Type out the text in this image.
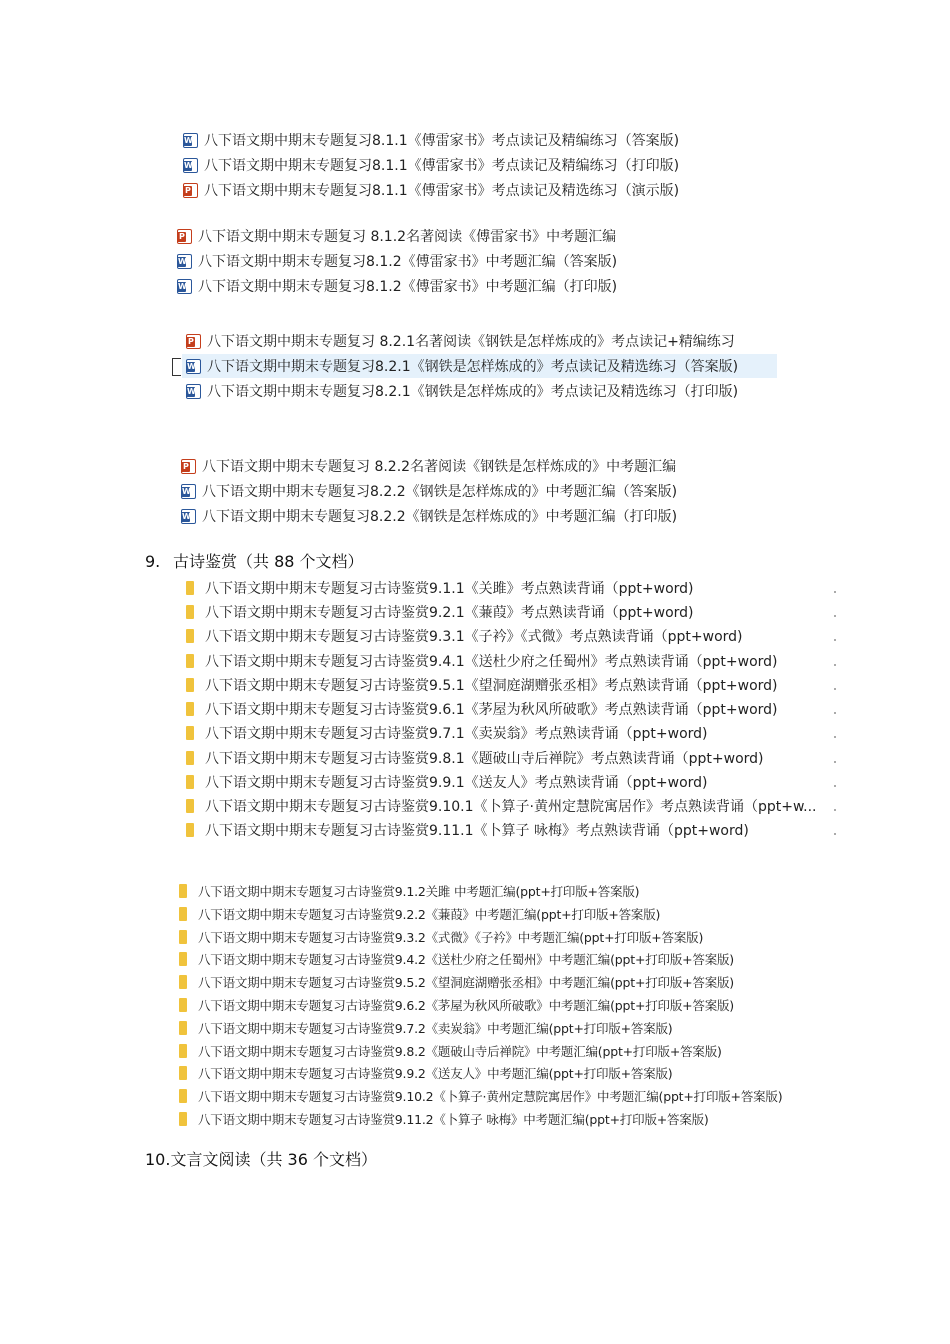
W
八下语文期中期末专题复习8.1.1《傅雷家书》考点读记及精编练习（答案版)
W
八下语文期中期末专题复习8.1.1《傅雷家书》考点读记及精编练习（打印版)
P
八下语文期中期末专题复习8.1.1《傅雷家书》考点读记及精选练习（演示版)
P
八下语文期中期末专题复习 8.1.2名著阅读《傅雷家书》中考题汇编
W
八下语文期中期末专题复习8.1.2《傅雷家书》中考题汇编（答案版)
W
八下语文期中期末专题复习8.1.2《傅雷家书》中考题汇编（打印版)
P
八下语文期中期末专题复习 8.2.1名著阅读《钢铁是怎样炼成的》考点读记+精编练习
W
八下语文期中期末专题复习8.2.1《钢铁是怎样炼成的》考点读记及精选练习（答案版)
W
八下语文期中期末专题复习8.2.1《钢铁是怎样炼成的》考点读记及精选练习（打印版)
P
八下语文期中期末专题复习 8.2.2名著阅读《钢铁是怎样炼成的》中考题汇编
W
八下语文期中期末专题复习8.2.2《钢铁是怎样炼成的》中考题汇编（答案版)
W
八下语文期中期末专题复习8.2.2《钢铁是怎样炼成的》中考题汇编（打印版)
9. 古诗鉴赏（共 88 个文档）
八下语文期中期末专题复习古诗鉴赏9.1.1《关雎》考点熟读背诵（ppt+word)
八下语文期中期末专题复习古诗鉴赏9.2.1《蒹葭》考点熟读背诵（ppt+word)
八下语文期中期末专题复习古诗鉴赏9.3.1《子衿》《式微》考点熟读背诵（ppt+word)
八下语文期中期末专题复习古诗鉴赏9.4.1《送杜少府之任蜀州》考点熟读背诵（ppt+word)
八下语文期中期末专题复习古诗鉴赏9.5.1《望洞庭湖赠张丞相》考点熟读背诵（ppt+word)
八下语文期中期末专题复习古诗鉴赏9.6.1《茅屋为秋风所破歌》考点熟读背诵（ppt+word)
八下语文期中期末专题复习古诗鉴赏9.7.1《卖炭翁》考点熟读背诵（ppt+word)
八下语文期中期末专题复习古诗鉴赏9.8.1《题破山寺后禅院》考点熟读背诵（ppt+word)
八下语文期中期末专题复习古诗鉴赏9.9.1《送友人》考点熟读背诵（ppt+word)
八下语文期中期末专题复习古诗鉴赏9.10.1《卜算子·黄州定慧院寓居作》考点熟读背诵（ppt+w...
八下语文期中期末专题复习古诗鉴赏9.11.1《卜算子 咏梅》考点熟读背诵（ppt+word)
八下语文期中期末专题复习古诗鉴赏9.1.2关雎 中考题汇编(ppt+打印版+答案版)
八下语文期中期末专题复习古诗鉴赏9.2.2《蒹葭》中考题汇编(ppt+打印版+答案版)
八下语文期中期末专题复习古诗鉴赏9.3.2《式微》《子衿》中考题汇编(ppt+打印版+答案版)
八下语文期中期末专题复习古诗鉴赏9.4.2《送杜少府之任蜀州》中考题汇编(ppt+打印版+答案版)
八下语文期中期末专题复习古诗鉴赏9.5.2《望洞庭湖赠张丞相》中考题汇编(ppt+打印版+答案版)
八下语文期中期末专题复习古诗鉴赏9.6.2《茅屋为秋风所破歌》中考题汇编(ppt+打印版+答案版)
八下语文期中期末专题复习古诗鉴赏9.7.2《卖炭翁》中考题汇编(ppt+打印版+答案版)
八下语文期中期末专题复习古诗鉴赏9.8.2《题破山寺后禅院》中考题汇编(ppt+打印版+答案版)
八下语文期中期末专题复习古诗鉴赏9.9.2《送友人》中考题汇编(ppt+打印版+答案版)
八下语文期中期末专题复习古诗鉴赏9.10.2《卜算子·黄州定慧院寓居作》中考题汇编(ppt+打印版+答案版)
八下语文期中期末专题复习古诗鉴赏9.11.2《卜算子 咏梅》中考题汇编(ppt+打印版+答案版)
10.文言文阅读（共 36 个文档）
